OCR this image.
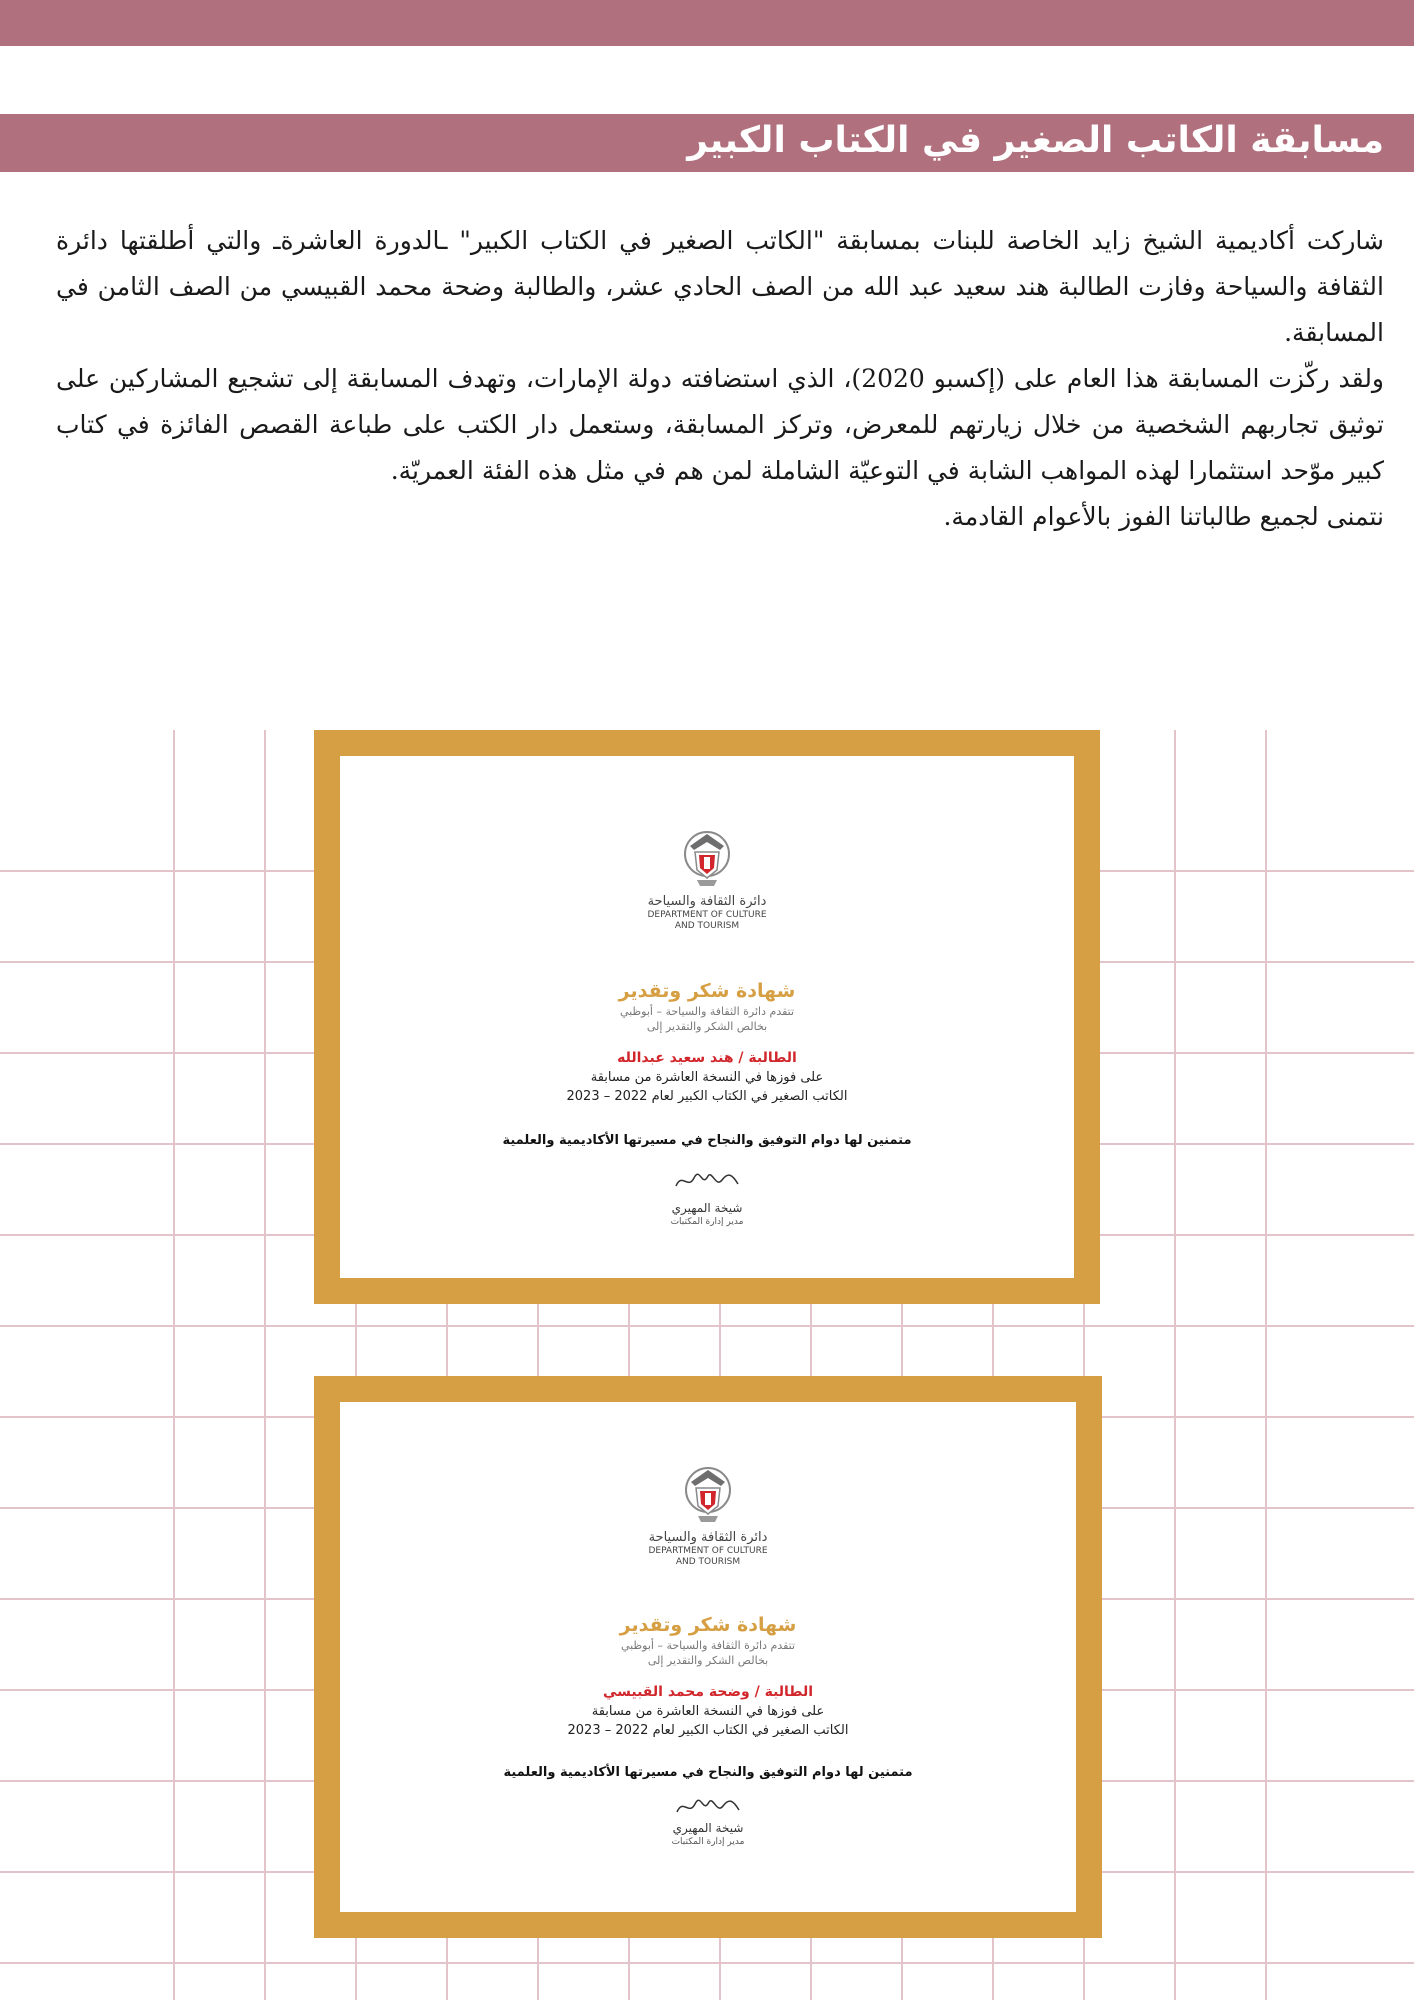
مسابقة الكاتب الصغير في الكتاب الكبير

شاركت أكاديمية الشيخ زايد الخاصة للبنات بمسابقة "الكاتب الصغير في الكتاب الكبير" ـالدورة العاشرةـ والتي أطلقتها دائرة الثقافة والسياحة وفازت الطالبة هند سعيد عبد الله من الصف الحادي عشر، والطالبة وضحة محمد القبيسي من الصف الثامن في المسابقة.

ولقد ركّزت المسابقة هذا العام على (إكسبو 2020)، الذي استضافته دولة الإمارات، وتهدف المسابقة إلى تشجيع المشاركين على توثيق تجاربهم الشخصية من خلال زيارتهم للمعرض، وتركز المسابقة، وستعمل دار الكتب على طباعة القصص الفائزة في كتاب كبير موّحد استثمارا لهذه المواهب الشابة في التوعيّة الشاملة لمن هم في مثل هذه الفئة العمريّة.

نتمنى لجميع طالباتنا الفوز بالأعوام القادمة.

دائرة الثقافة والسياحة
DEPARTMENT OF CULTURE
AND TOURISM
شهادة شكر وتقدير
تتقدم دائرة الثقافة والسياحة – أبوظبي
بخالص الشكر والتقدير إلى
الطالبة / هند سعيد عبدالله
على فوزها في النسخة العاشرة من مسابقة
الكاتب الصغير في الكتاب الكبير لعام 2022 – 2023
متمنين لها دوام التوفيق والنجاح في مسيرتها الأكاديمية والعلمية
شيخة المهيري
مدير إدارة المكتبات
دائرة الثقافة والسياحة
DEPARTMENT OF CULTURE
AND TOURISM
شهادة شكر وتقدير
تتقدم دائرة الثقافة والسياحة – أبوظبي
بخالص الشكر والتقدير إلى
الطالبة / وضحة محمد القبيسي
على فوزها في النسخة العاشرة من مسابقة
الكاتب الصغير في الكتاب الكبير لعام 2022 – 2023
متمنين لها دوام التوفيق والنجاح في مسيرتها الأكاديمية والعلمية
شيخة المهيري
مدير إدارة المكتبات
